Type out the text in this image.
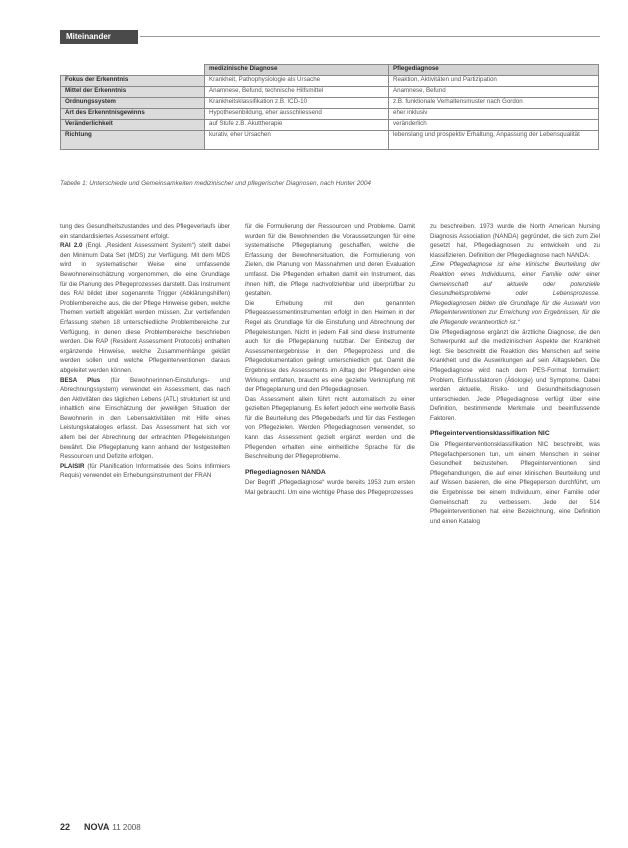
Miteinander
	medizinische Diagnose	Pflegediagnose
Fokus der Erkenntnis	Krankheit, Pathophysiologie als Ursache	Reaktion, Aktivitäten und Partizipation
Mittel der Erkenntnis	Anamnese, Befund, technische Hilfsmittel	Anamnese, Befund
Ordnungssystem	Krankheitsklassifikation z.B. ICD-10	z.B. funktionale Verhaltensmuster nach Gordon
Art des Erkenntnisgewinns	Hypothesenbildung, eher ausschliessend	eher inklusiv
Veränderlichkeit	auf Stufe z.B. Akuttherapie	veränderlich
Richtung	kurativ, eher Ursachen	lebenslang und prospektiv Erhaltung, Anpassung der Lebensqualität
Tabelle 1: Unterschiede und Gemeinsamkeiten medizinischer und pflegerischer Diagnosen, nach Hunter 2004

tung des Gesundheitszustandes und des Pflegeverlaufs über ein standardisiertes Assessment erfolgt.

RAI 2.0 (Engl. „Resident Assessment System“) stellt dabei den Minimum Data Set (MDS) zur Verfügung. Mit dem MDS wird in systematischer Weise eine umfassende Bewohnereinschätzung vorgenommen, die eine Grundlage für die Planung des Pflegeprozesses darstellt. Das Instrument des RAI bildet über sogenannte Trigger (Abklärungshilfen) Problembereiche aus, die der Pflege Hinweise geben, welche Themen vertieft abgeklärt werden müssen. Zur vertiefenden Erfassung stehen 18 unterschiedliche Problembereiche zur Verfügung, in denen diese Problembereiche beschrieben werden. Die RAP (Resident Assessment Protocols) enthalten ergänzende Hinweise, welche Zusammenhänge geklärt werden sollen und welche Pflegeinterventionen daraus abgeleitet werden können.

BESA Plus (für Bewohnerinnen-Einstufungs- und Abrechnungssystem) verwendet ein Assessment, das nach den Aktivitäten des täglichen Lebens (ATL) strukturiert ist und inhaltlich eine Einschätzung der jeweiligen Situation der Bewohnerin in den Lebensaktivitäten mit Hilfe eines Leistungskataloges erfasst. Das Assessment hat sich vor allem bei der Abrechnung der erbrachten Pflegeleistungen bewährt. Die Pflegeplanung kann anhand der festgestellten Ressourcen und Defizite erfolgen.

PLAISIR (für Planification Informatisée des Soins Infirmiers Requis) verwendet ein Erhebungsinstrument der FRAN

für die Formulierung der Ressourcen und Probleme. Damit wurden für die Bewohnenden die Voraussetzungen für eine systematische Pflegeplanung geschaffen, welche die Erfassung der Bewohnersituation, die Formulierung von Zielen, die Planung von Massnahmen und deren Evaluation umfasst. Die Pflegenden erhalten damit ein Instrument, das ihnen hilft, die Pflege nachvollziehbar und überprüfbar zu gestalten.

Die Erhebung mit den genannten Pflegeassessmentinstrumenten erfolgt in den Heimen in der Regel als Grundlage für die Einstufung und Abrechnung der Pflegeleistungen. Nicht in jedem Fall sind diese Instrumente auch für die Pflegeplanung nutzbar. Der Einbezug der Assessmentergebnisse in den Pflegeprozess und die Pflegedokumentation gelingt unterschiedlich gut. Damit die Ergebnisse des Assessments im Alltag der Pflegenden eine Wirkung entfalten, braucht es eine gezielte Verknüpfung mit der Pflegeplanung und den Pflegediagnosen.

Das Assessment allein führt nicht automatisch zu einer gezielten Pflegeplanung. Es liefert jedoch eine wertvolle Basis für die Beurteilung des Pflegebedarfs und für das Festlegen von Pflegezielen. Werden Pflegediagnosen verwendet, so kann das Assessment gezielt ergänzt werden und die Pflegenden erhalten eine einheitliche Sprache für die Beschreibung der Pflegeprobleme.

Pflegediagnosen NANDA

Der Begriff „Pflegediagnose“ wurde bereits 1953 zum ersten Mal gebraucht. Um eine wichtige Phase des Pflegeprozesses

zu beschreiben. 1973 wurde die North American Nursing Diagnosis Association (NANDA) gegründet, die sich zum Ziel gesetzt hat, Pflegediagnosen zu entwickeln und zu klassifizieren. Definition der Pflegediagnose nach NANDA:

„Eine Pflegediagnose ist eine klinische Beurteilung der Reaktion eines Individuums, einer Familie oder einer Gemeinschaft auf aktuelle oder potenzielle Gesundheitsprobleme oder Lebensprozesse. Pflegediagnosen bilden die Grundlage für die Auswahl von Pflegeinterventionen zur Erreichung von Ergebnissen, für die die Pflegende verantwortlich ist.“

Die Pflegediagnose ergänzt die ärztliche Diagnose, die den Schwerpunkt auf die medizinischen Aspekte der Krankheit legt. Sie beschreibt die Reaktion des Menschen auf seine Krankheit und die Auswirkungen auf sein Alltagsleben. Die Pflegediagnose wird nach dem PES-Format formuliert: Problem, Einflussfaktoren (Ätiologie) und Symptome. Dabei werden aktuelle, Risiko- und Gesundheitsdiagnosen unterschieden. Jede Pflegediagnose verfügt über eine Definition, bestimmende Merkmale und beeinflussende Faktoren.

Pflegeinterventionsklassifikation NIC

Die Pflegeinterventionsklassifikation NIC beschreibt, was Pflegefachpersonen tun, um einem Menschen in seiner Gesundheit beizustehen. Pflegeinterventionen sind Pflegehandlungen, die auf einer klinischen Beurteilung und auf Wissen basieren, die eine Pflegeperson durchführt, um die Ergebnisse bei einem Individuum, einer Familie oder Gemeinschaft zu verbessern. Jede der 514 Pflegeinterventionen hat eine Bezeichnung, eine Definition und einen Katalog

22 NOVA 11 2008
